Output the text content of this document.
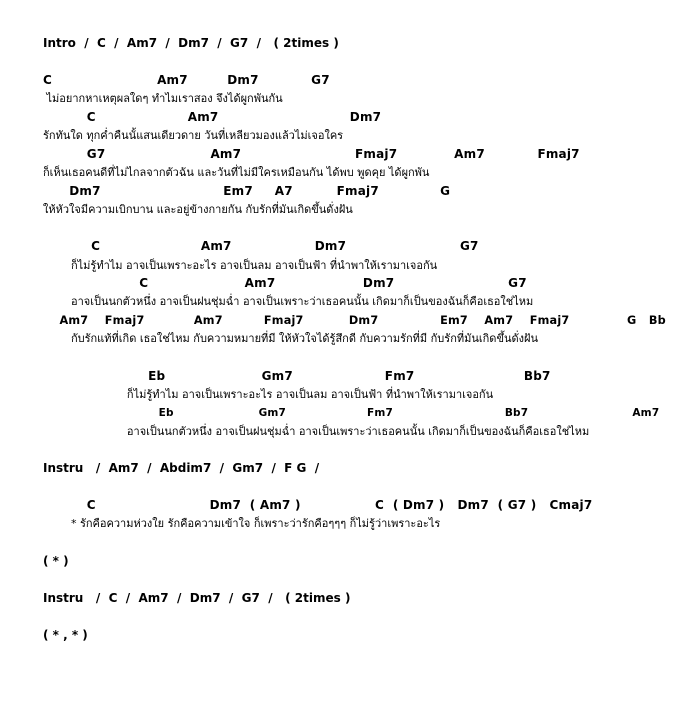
Intro  /  C  /  Am7  /  Dm7  /  G7  /   ( 2times )
C                        Am7         Dm7            G7
ไม่อยากหาเหตุผลใดๆ ทำไมเราสอง จึงได้ผูกพันกัน
C                     Am7                              Dm7
รักทันใด ทุกค่ำคืนนั้แสนเดียวดาย วันที่เหลียวมองแล้วไม่เจอใคร
G7                        Am7                          Fmaj7             Am7            Fmaj7
ก็เห็นเธอคนดีที่ไม่ไกลจากตัวฉัน และวันที่ไม่มีใครเหมือนกัน ได้พบ พูดคุย ได้ผูกพัน
Dm7                            Em7     A7          Fmaj7              G
ให้หัวใจมีความเบิกบาน และอยู่ข้างกายกัน กับรักที่มันเกิดขึ้นดั่งฝัน
C                       Am7                   Dm7                          G7
ก็ไม่รู้ทำไม อาจเป็นเพราะอะไร อาจเป็นลม อาจเป็นฟ้า ที่นำพาให้เรามาเจอกัน
C                      Am7                    Dm7                          G7
อาจเป็นนกตัวหนึ่ง อาจเป็นฝนชุ่มฉ่ำ อาจเป็นเพราะว่าเธอคนนั้น เกิดมาก็เป็นของฉันก็คือเธอใช่ไหม
Am7    Fmaj7            Am7          Fmaj7           Dm7               Em7    Am7    Fmaj7              G   Bb
กับรักแท้ที่เกิด เธอใช่ไหม กับความหมายที่มี ให้หัวใจได้รู้สึกดี กับความรักที่มี กับรักที่มันเกิดขึ้นดั่งฝัน
Eb                      Gm7                     Fm7                         Bb7
ก็ไม่รู้ทำไม อาจเป็นเพราะอะไร อาจเป็นลม อาจเป็นฟ้า ที่นำพาให้เรามาเจอกัน
Eb                      Gm7                     Fm7                             Bb7                           Am7
อาจเป็นนกตัวหนึ่ง อาจเป็นฝนชุ่มฉ่ำ อาจเป็นเพราะว่าเธอคนนั้น เกิดมาก็เป็นของฉันก็คือเธอใช่ไหม
Instru   /  Am7  /  Abdim7  /  Gm7  /  F G  /
C                          Dm7  ( Am7 )                 C  ( Dm7 )   Dm7  ( G7 )   Cmaj7
* รักคือความห่วงใย รักคือความเข้าใจ ก็เพราะว่ารักคือๆๆๆ ก็ไม่รู้ว่าเพราะอะไร
( * )
Instru   /  C  /  Am7  /  Dm7  /  G7  /   ( 2times )
( * , * )
